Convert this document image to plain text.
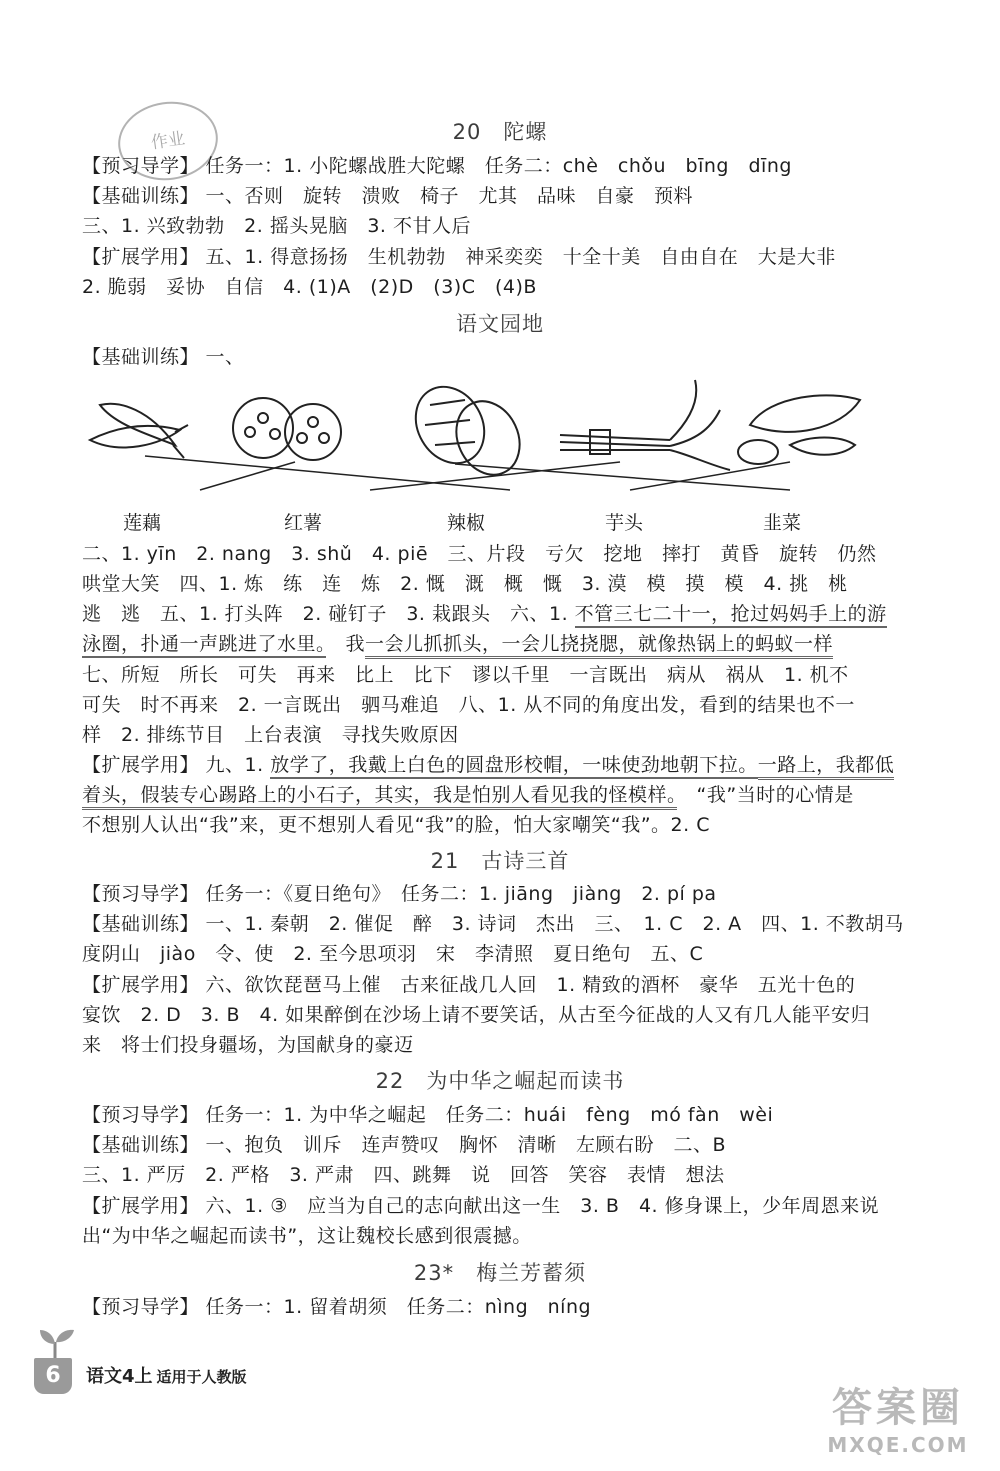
作业	20 陀螺
【预习导学】 任务一：1. 小陀螺战胜大陀螺　任务二：chè　chǒu　bīng　dīng
【基础训练】 一、否则　旋转　溃败　椅子　尤其　品味　自豪　预料
三、1. 兴致勃勃　2. 摇头晃脑　3. 不甘人后
【扩展学用】 五、1. 得意扬扬　生机勃勃　神采奕奕　十全十美　自由自在　大是大非
2. 脆弱　妥协　自信　4. (1)A　(2)D　(3)C　(4)B
语文园地
【基础训练】 一、
莲藕	红薯	辣椒	芋头	韭菜
二、1. yīn　2. nang　3. shǔ　4. piē　三、片段　亏欠　挖地　摔打　黄昏　旋转　仍然
哄堂大笑　四、1. 炼　练　连　炼　2. 慨　溉　概　慨　3. 漠　模　摸　模　4. 挑　桃
逃　逃　五、1. 打头阵　2. 碰钉子　3. 栽跟头　六、1. 不管三七二十一，抢过妈妈手上的游
泳圈，扑通一声跳进了水里。　我一会儿抓抓头，一会儿挠挠腮，就像热锅上的蚂蚁一样
七、所短　所长　可失　再来　比上　比下　谬以千里　一言既出　病从　祸从　1. 机不
可失　时不再来　2. 一言既出　驷马难追　八、1. 从不同的角度出发，看到的结果也不一
样　2. 排练节目　上台表演　寻找失败原因
【扩展学用】 九、1. 放学了，我戴上白色的圆盘形校帽，一味使劲地朝下拉。一路上，我都低
着头，假装专心踢路上的小石子，其实，我是怕别人看见我的怪模样。　“我”当时的心情是
不想别人认出“我”来，更不想别人看见“我”的脸，怕大家嘲笑“我”。2. C
21 古诗三首
【预习导学】 任务一：《夏日绝句》　任务二：1. jiāng　jiàng　2. pí pa
【基础训练】 一、1. 秦朝　2. 催促　醉　3. 诗词　杰出　三、　1. C　2. A　四、1. 不教胡马
度阴山　jiào　令、使　2. 至今思项羽　宋　李清照　夏日绝句　五、C
【扩展学用】 六、欲饮琵琶马上催　古来征战几人回　1. 精致的酒杯　豪华　五光十色的
宴饮　2. D　3. B　4. 如果醉倒在沙场上请不要笑话，从古至今征战的人又有几人能平安归
来　将士们投身疆场，为国献身的豪迈
22 为中华之崛起而读书
【预习导学】 任务一：1. 为中华之崛起　任务二：huái　fèng　mó fàn　wèi
【基础训练】 一、抱负　训斥　连声赞叹　胸怀　清晰　左顾右盼　二、B
三、1. 严厉　2. 严格　3. 严肃　四、跳舞　说　回答　笑容　表情　想法
【扩展学用】 六、1. ③　应当为自己的志向献出这一生　3. B　4. 修身课上，少年周恩来说
出“为中华之崛起而读书”，这让魏校长感到很震撼。
23* 梅兰芳蓄须
【预习导学】 任务一：1. 留着胡须　任务二：nìng　níng
6	语文4上 适用于人教版
答案圈
MXQE.COM
